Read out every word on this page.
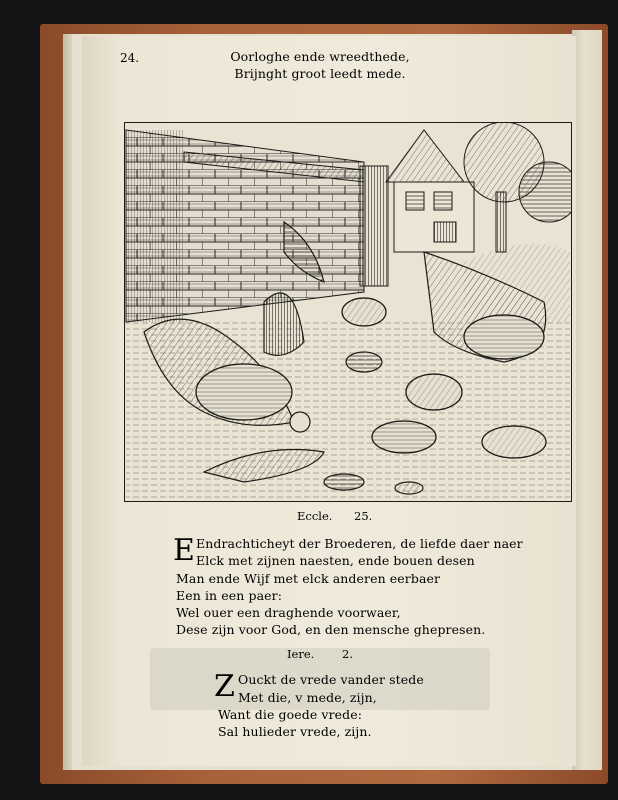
24.	Oorloghe ende wreedthede,
Brijnght groot leedt mede.
Eccle. 25.
E Endrachticheyt der Broederen, de liefde daer naer
Elck met zijnen naesten, ende bouen desen
Man ende Wijf met elck anderen eerbaer
Een in een paer:
Wel ouer een draghende voorwaer,
Dese zijn voor God, en den mensche ghepresen.
Iere. 2.
Z Ouckt de vrede vander stede
Met die, v mede, zijn,
Want die goede vrede:
Sal hulieder vrede, zijn.
